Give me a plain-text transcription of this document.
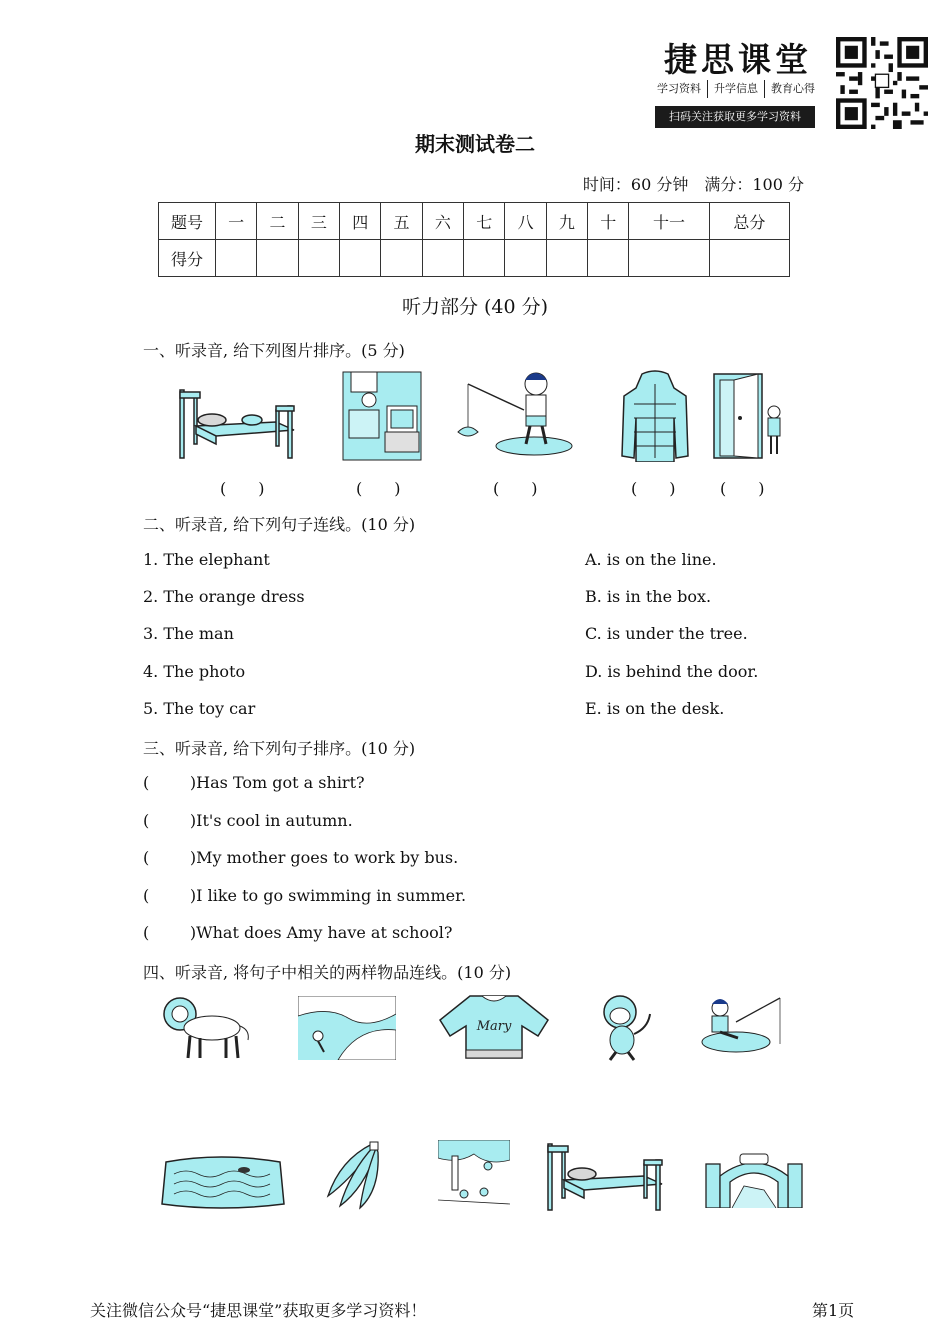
捷思课堂
学习资料	升学信息	教育心得
扫码关注获取更多学习资料
期末测试卷二
时间：60 分钟　满分：100 分
题号	一	二	三	四	五	六	七	八	九	十	十一	总分
得分												
听力部分 (40 分)
一、听录音, 给下列图片排序。(5 分)
(　　)	(　　)	(　　)	(　　)	(　　)
二、听录音, 给下列句子连线。(10 分)
1. The elephant
2. The orange dress
3. The man
4. The photo
5. The toy car
A. is on the line.
B. is in the box.
C. is under the tree.
D. is behind the door.
E. is on the desk.
三、听录音, 给下列句子排序。(10 分)
(        )Has Tom got a shirt?
(        )It's cool in autumn.
(        )My mother goes to work by bus.
(        )I like to go swimming in summer.
(        )What does Amy have at school?
四、听录音, 将句子中相关的两样物品连线。(10 分)
Mary
关注微信公众号“捷思课堂”获取更多学习资料！	第1页
